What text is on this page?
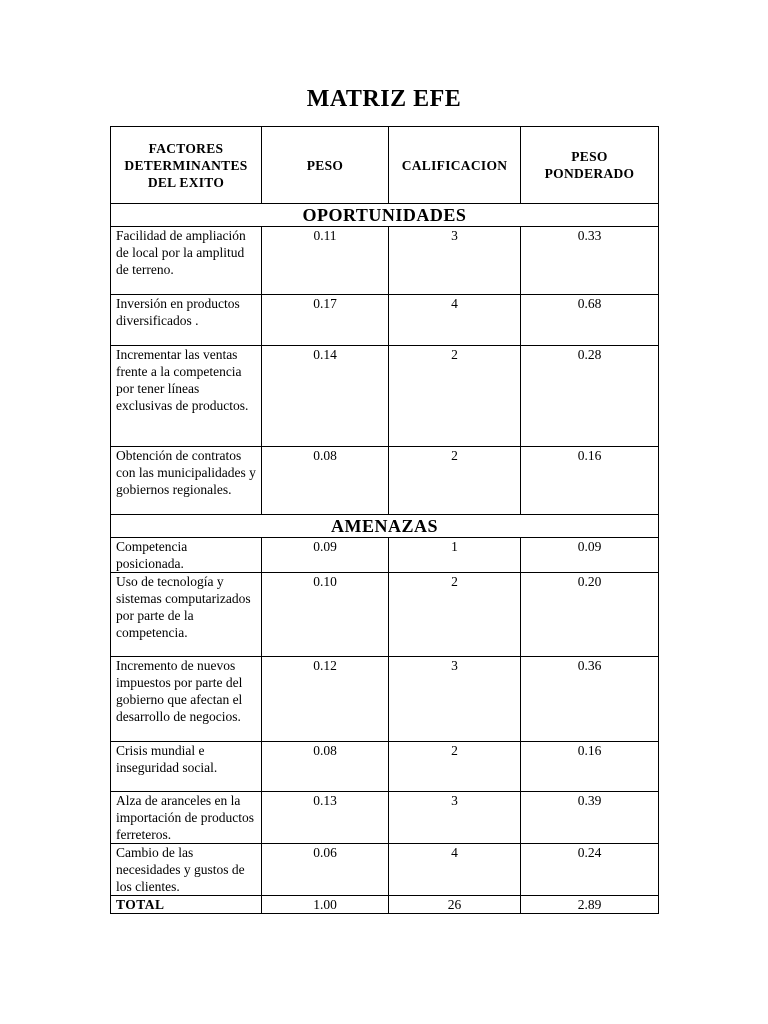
MATRIZ EFE
FACTORES DETERMINANTES DEL EXITO	PESO	CALIFICACION	PESO PONDERADO
OPORTUNIDADES			
Facilidad de ampliación de local por la amplitud de terreno.	0.11	3	0.33
Inversión en productos diversificados .	0.17	4	0.68
Incrementar las ventas frente a la competencia por tener líneas exclusivas de productos.	0.14	2	0.28
Obtención de contratos con las municipalidades y gobiernos regionales.	0.08	2	0.16
AMENAZAS			
Competencia posicionada.	0.09	1	0.09
Uso de tecnología y sistemas computarizados por parte de la competencia.	0.10	2	0.20
Incremento de nuevos impuestos por parte del gobierno que afectan el desarrollo de negocios.	0.12	3	0.36
Crisis mundial e inseguridad social.	0.08	2	0.16
Alza de aranceles en la importación de productos ferreteros.	0.13	3	0.39
Cambio de las necesidades y gustos de los clientes.	0.06	4	0.24
TOTAL	1.00	26	2.89
